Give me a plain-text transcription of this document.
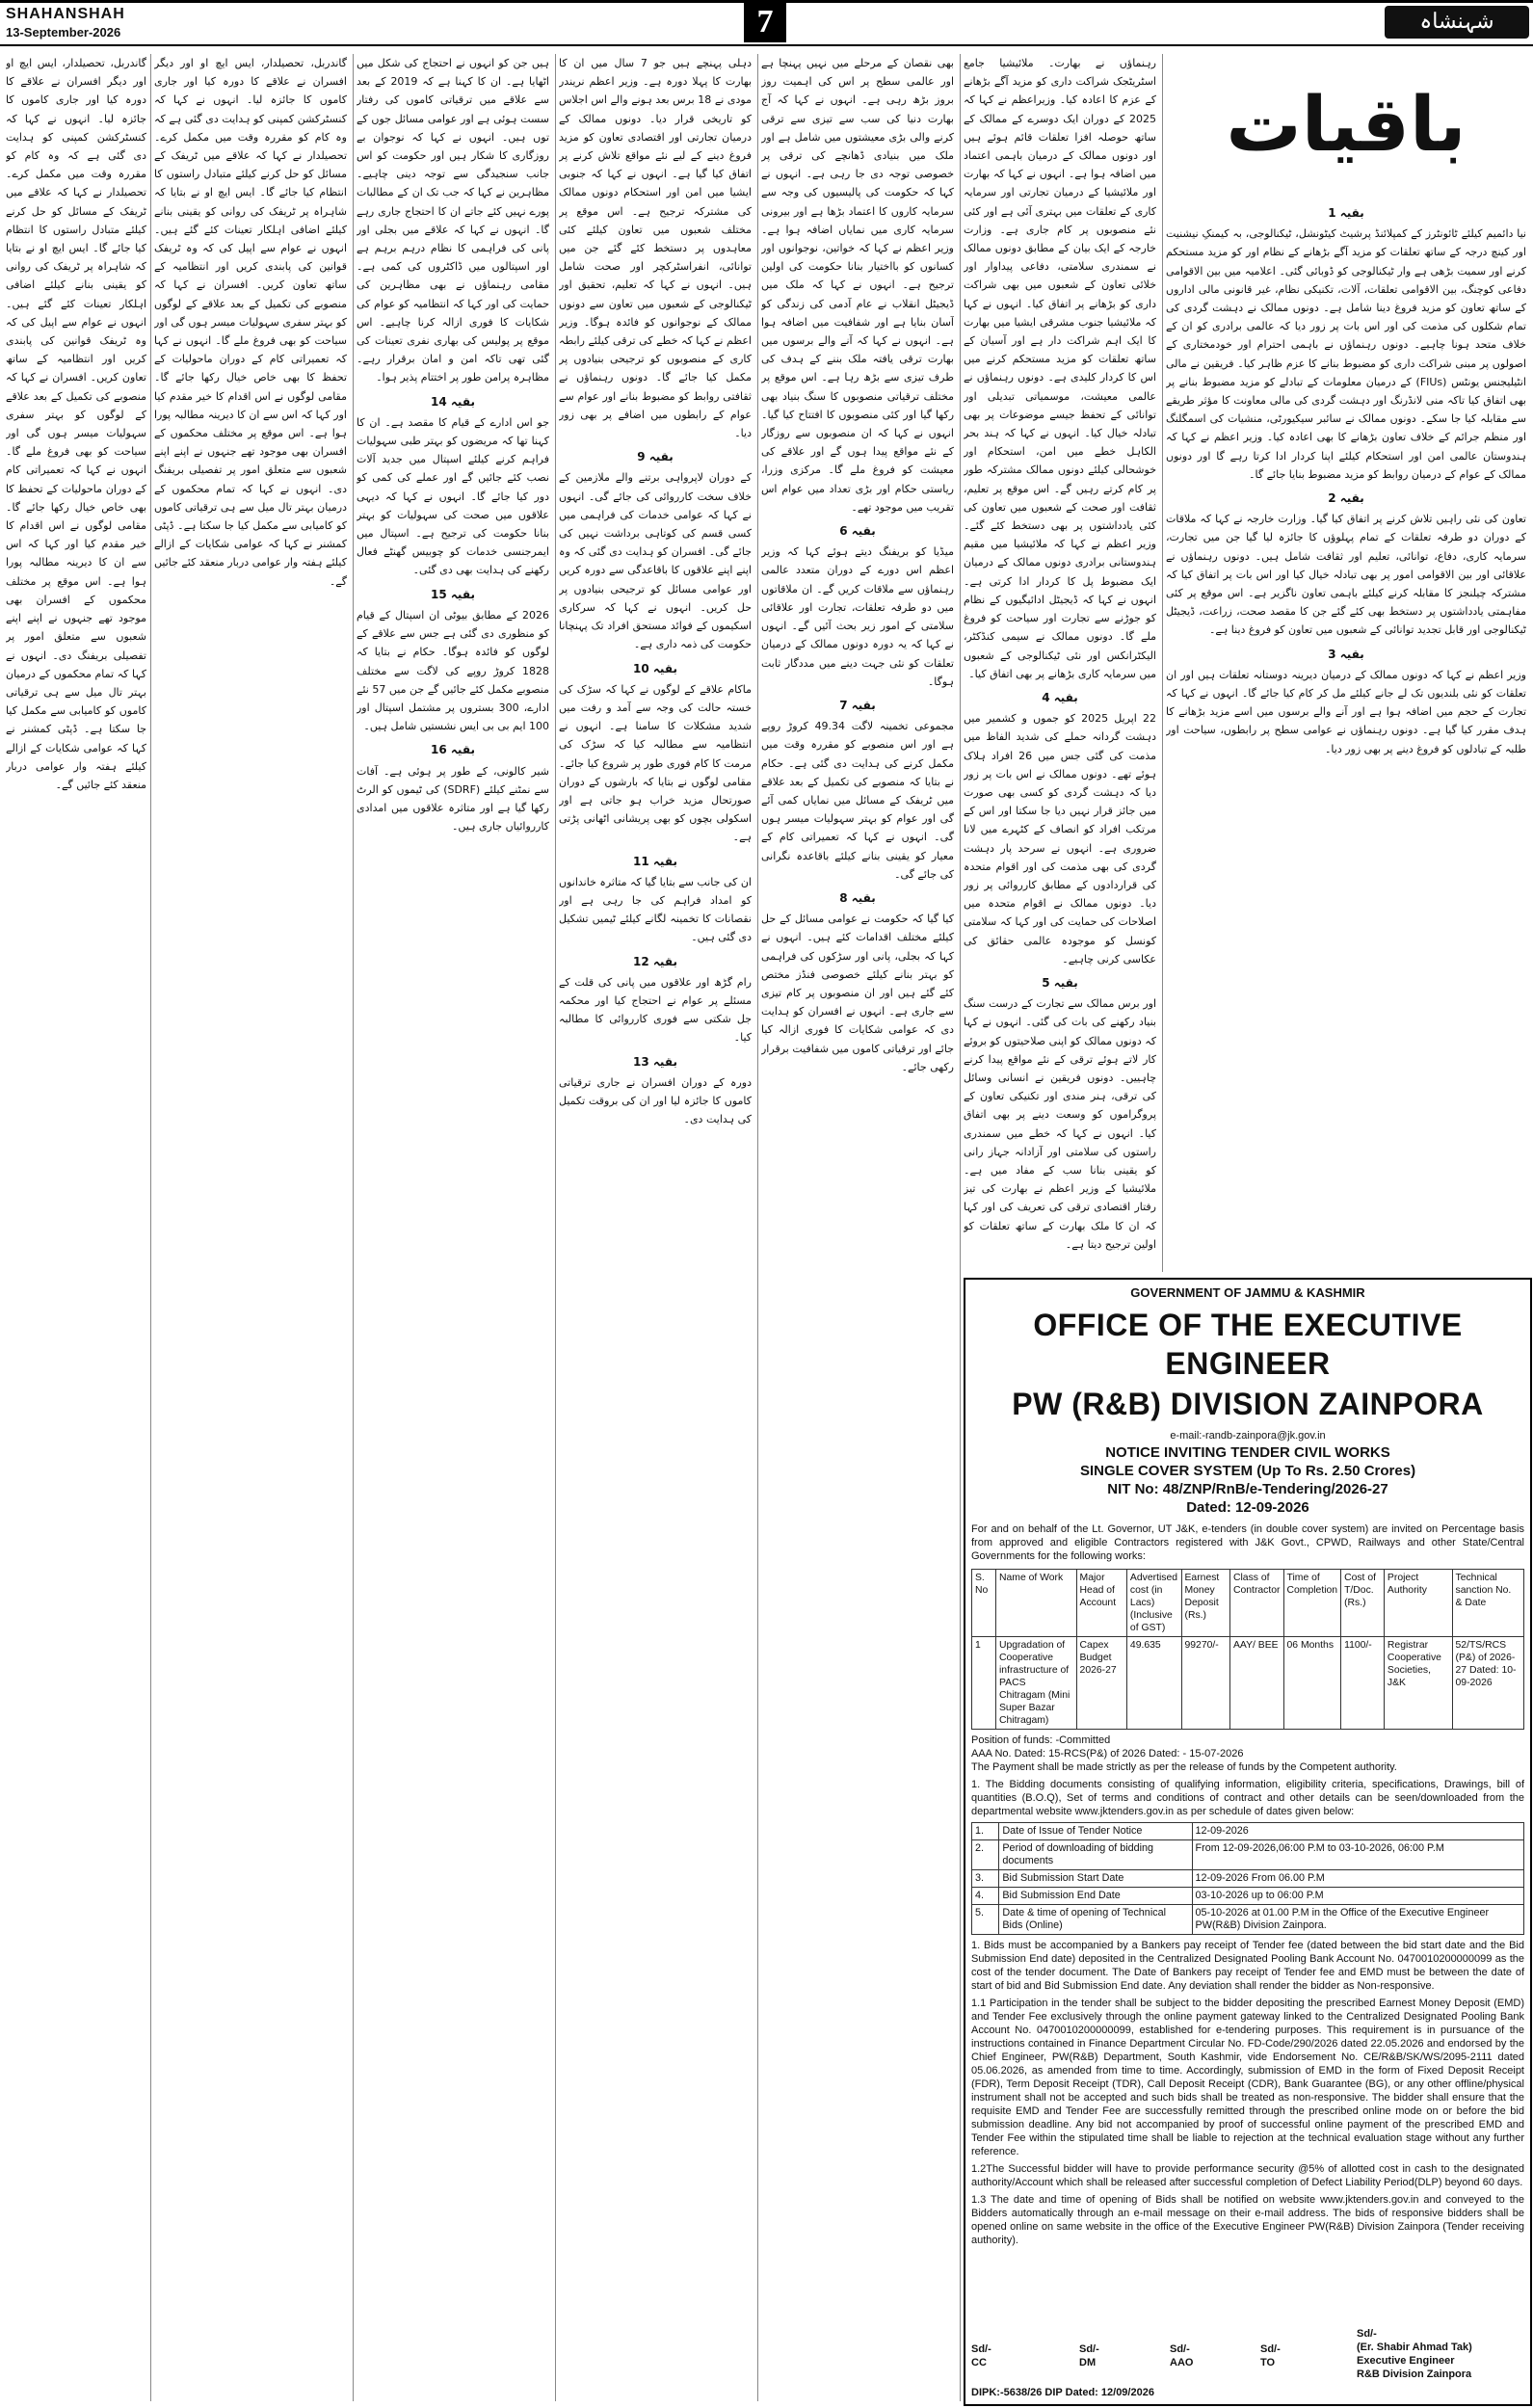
SHAHANSHAH
13-September-2026	7	شہنشاہ
باقیات
بقیہ 1

نیا دائمیم کیلئے ٹائونٹرز کے کمپلائنڈ پرشیٹ کیٹونشل، ٹیکنالوجی، بہ کیمنکِ نیشنیت اور کینچ درجہ کے ساتھ تعلقات کو مزید آگے بڑھانے کے نظام اور کو مزید مستحکم کرنے اور سمیت بڑھی ہے وار ٹیکنالوجی کو ڈوبائی گئی۔ اعلامیہ میں بین الاقوامی دفاعی کوچنگ، بین الاقوامی تعلقات، آلات، تکنیکی نظام، غیر قانونی مالی اداروں کے ساتھ تعاون کو مزید فروغ دینا شامل ہے۔ دونوں ممالک نے دہشت گردی کی تمام شکلوں کی مذمت کی اور اس بات پر زور دیا کہ عالمی برادری کو ان کے خلاف متحد ہونا چاہیے۔ دونوں رہنماؤں نے باہمی احترام اور خودمختاری کے اصولوں پر مبنی شراکت داری کو مضبوط بنانے کا عزم ظاہر کیا۔ فریقین نے مالی انٹیلیجنس یونٹس (FIUs) کے درمیان معلومات کے تبادلے کو مزید مضبوط بنانے پر بھی اتفاق کیا تاکہ منی لانڈرنگ اور دہشت گردی کی مالی معاونت کا مؤثر طریقے سے مقابلہ کیا جا سکے۔ دونوں ممالک نے سائبر سیکیورٹی، منشیات کی اسمگلنگ اور منظم جرائم کے خلاف تعاون بڑھانے کا بھی اعادہ کیا۔ وزیر اعظم نے کہا کہ ہندوستان عالمی امن اور استحکام کیلئے اپنا کردار ادا کرتا رہے گا اور دونوں ممالک کے عوام کے درمیان روابط کو مزید مضبوط بنایا جائے گا۔

بقیہ 2

تعاون کی نئی راہیں تلاش کرنے پر اتفاق کیا گیا۔ وزارت خارجہ نے کہا کہ ملاقات کے دوران دو طرفہ تعلقات کے تمام پہلوؤں کا جائزہ لیا گیا جن میں تجارت، سرمایہ کاری، دفاع، توانائی، تعلیم اور ثقافت شامل ہیں۔ دونوں رہنماؤں نے علاقائی اور بین الاقوامی امور پر بھی تبادلہ خیال کیا اور اس بات پر اتفاق کیا کہ مشترکہ چیلنجز کا مقابلہ کرنے کیلئے باہمی تعاون ناگزیر ہے۔ اس موقع پر کئی مفاہمتی یادداشتوں پر دستخط بھی کئے گئے جن کا مقصد صحت، زراعت، ڈیجیٹل ٹیکنالوجی اور قابل تجدید توانائی کے شعبوں میں تعاون کو فروغ دینا ہے۔

بقیہ 3

وزیر اعظم نے کہا کہ دونوں ممالک کے درمیان دیرینہ دوستانہ تعلقات ہیں اور ان تعلقات کو نئی بلندیوں تک لے جانے کیلئے مل کر کام کیا جائے گا۔ انہوں نے کہا کہ تجارت کے حجم میں اضافہ ہوا ہے اور آنے والے برسوں میں اسے مزید بڑھانے کا ہدف مقرر کیا گیا ہے۔ دونوں رہنماؤں نے عوامی سطح پر رابطوں، سیاحت اور طلبہ کے تبادلوں کو فروغ دینے پر بھی زور دیا۔

رہنماؤں نے بھارت۔ ملائیشیا جامع اسٹریٹجک شراکت داری کو مزید آگے بڑھانے کے عزم کا اعادہ کیا۔ وزیراعظم نے کہا کہ 2025 کے دوران ایک دوسرے کے ممالک کے ساتھ حوصلہ افزا تعلقات قائم ہوئے ہیں اور دونوں ممالک کے درمیان باہمی اعتماد میں اضافہ ہوا ہے۔ انہوں نے کہا کہ بھارت اور ملائیشیا کے درمیان تجارتی اور سرمایہ کاری کے تعلقات میں بہتری آئی ہے اور کئی نئے منصوبوں پر کام جاری ہے۔ وزارت خارجہ کے ایک بیان کے مطابق دونوں ممالک نے سمندری سلامتی، دفاعی پیداوار اور خلائی تعاون کے شعبوں میں بھی شراکت داری کو بڑھانے پر اتفاق کیا۔ انہوں نے کہا کہ ملائیشیا جنوب مشرقی ایشیا میں بھارت کا ایک اہم شراکت دار ہے اور آسیان کے ساتھ تعلقات کو مزید مستحکم کرنے میں اس کا کردار کلیدی ہے۔ دونوں رہنماؤں نے عالمی معیشت، موسمیاتی تبدیلی اور توانائی کے تحفظ جیسے موضوعات پر بھی تبادلہ خیال کیا۔ انہوں نے کہا کہ ہند بحر الکاہل خطے میں امن، استحکام اور خوشحالی کیلئے دونوں ممالک مشترکہ طور پر کام کرتے رہیں گے۔ اس موقع پر تعلیم، ثقافت اور صحت کے شعبوں میں تعاون کی کئی یادداشتوں پر بھی دستخط کئے گئے۔ وزیر اعظم نے کہا کہ ملائیشیا میں مقیم ہندوستانی برادری دونوں ممالک کے درمیان ایک مضبوط پل کا کردار ادا کرتی ہے۔ انہوں نے کہا کہ ڈیجیٹل ادائیگیوں کے نظام کو جوڑنے سے تجارت اور سیاحت کو فروغ ملے گا۔ دونوں ممالک نے سیمی کنڈکٹر، الیکٹرانکس اور نئی ٹیکنالوجی کے شعبوں میں سرمایہ کاری بڑھانے پر بھی اتفاق کیا۔

بقیہ 4

22 اپریل 2025 کو جموں و کشمیر میں دہشت گردانہ حملے کی شدید الفاظ میں مذمت کی گئی جس میں 26 افراد ہلاک ہوئے تھے۔ دونوں ممالک نے اس بات پر زور دیا کہ دہشت گردی کو کسی بھی صورت میں جائز قرار نہیں دیا جا سکتا اور اس کے مرتکب افراد کو انصاف کے کٹہرے میں لانا ضروری ہے۔ انہوں نے سرحد پار دہشت گردی کی بھی مذمت کی اور اقوام متحدہ کی قراردادوں کے مطابق کارروائی پر زور دیا۔ دونوں ممالک نے اقوام متحدہ میں اصلاحات کی حمایت کی اور کہا کہ سلامتی کونسل کو موجودہ عالمی حقائق کی عکاسی کرنی چاہیے۔

بقیہ 5

اور برس ممالک سے تجارت کے درست سنگ بنیاد رکھنے کی بات کی گئی۔ انہوں نے کہا کہ دونوں ممالک کو اپنی صلاحیتوں کو بروئے کار لاتے ہوئے ترقی کے نئے مواقع پیدا کرنے چاہییں۔ دونوں فریقین نے انسانی وسائل کی ترقی، ہنر مندی اور تکنیکی تعاون کے پروگراموں کو وسعت دینے پر بھی اتفاق کیا۔ انہوں نے کہا کہ خطے میں سمندری راستوں کی سلامتی اور آزادانہ جہاز رانی کو یقینی بنانا سب کے مفاد میں ہے۔ ملائیشیا کے وزیر اعظم نے بھارت کی تیز رفتار اقتصادی ترقی کی تعریف کی اور کہا کہ ان کا ملک بھارت کے ساتھ تعلقات کو اولین ترجیح دیتا ہے۔

بھی نقصان کے مرحلے میں نہیں پہنچا ہے اور عالمی سطح پر اس کی اہمیت روز بروز بڑھ رہی ہے۔ انہوں نے کہا کہ آج بھارت دنیا کی سب سے تیزی سے ترقی کرنے والی بڑی معیشتوں میں شامل ہے اور ملک میں بنیادی ڈھانچے کی ترقی پر خصوصی توجہ دی جا رہی ہے۔ انہوں نے کہا کہ حکومت کی پالیسیوں کی وجہ سے سرمایہ کاروں کا اعتماد بڑھا ہے اور بیرونی سرمایہ کاری میں نمایاں اضافہ ہوا ہے۔ وزیر اعظم نے کہا کہ خواتین، نوجوانوں اور کسانوں کو بااختیار بنانا حکومت کی اولین ترجیح ہے۔ انہوں نے کہا کہ ملک میں ڈیجیٹل انقلاب نے عام آدمی کی زندگی کو آسان بنایا ہے اور شفافیت میں اضافہ ہوا ہے۔ انہوں نے کہا کہ آنے والے برسوں میں بھارت ترقی یافتہ ملک بننے کے ہدف کی طرف تیزی سے بڑھ رہا ہے۔ اس موقع پر مختلف ترقیاتی منصوبوں کا سنگ بنیاد بھی رکھا گیا اور کئی منصوبوں کا افتتاح کیا گیا۔ انہوں نے کہا کہ ان منصوبوں سے روزگار کے نئے مواقع پیدا ہوں گے اور علاقے کی معیشت کو فروغ ملے گا۔ مرکزی وزرا، ریاستی حکام اور بڑی تعداد میں عوام اس تقریب میں موجود تھے۔

بقیہ 6

میڈیا کو بریفنگ دیتے ہوئے کہا کہ وزیر اعظم اس دورے کے دوران متعدد عالمی رہنماؤں سے ملاقات کریں گے۔ ان ملاقاتوں میں دو طرفہ تعلقات، تجارت اور علاقائی سلامتی کے امور زیر بحث آئیں گے۔ انہوں نے کہا کہ یہ دورہ دونوں ممالک کے درمیان تعلقات کو نئی جہت دینے میں مددگار ثابت ہوگا۔

بقیہ 7

مجموعی تخمینہ لاگت 49.34 کروڑ روپے ہے اور اس منصوبے کو مقررہ وقت میں مکمل کرنے کی ہدایت دی گئی ہے۔ حکام نے بتایا کہ منصوبے کی تکمیل کے بعد علاقے میں ٹریفک کے مسائل میں نمایاں کمی آئے گی اور عوام کو بہتر سہولیات میسر ہوں گی۔ انہوں نے کہا کہ تعمیراتی کام کے معیار کو یقینی بنانے کیلئے باقاعدہ نگرانی کی جائے گی۔

بقیہ 8

کیا گیا کہ حکومت نے عوامی مسائل کے حل کیلئے مختلف اقدامات کئے ہیں۔ انہوں نے کہا کہ بجلی، پانی اور سڑکوں کی فراہمی کو بہتر بنانے کیلئے خصوصی فنڈز مختص کئے گئے ہیں اور ان منصوبوں پر کام تیزی سے جاری ہے۔ انہوں نے افسران کو ہدایت دی کہ عوامی شکایات کا فوری ازالہ کیا جائے اور ترقیاتی کاموں میں شفافیت برقرار رکھی جائے۔

دہلی پہنچے ہیں جو 7 سال میں ان کا بھارت کا پہلا دورہ ہے۔ وزیر اعظم نریندر مودی نے 18 برس بعد ہونے والے اس اجلاس کو تاریخی قرار دیا۔ دونوں ممالک کے درمیان تجارتی اور اقتصادی تعاون کو مزید فروغ دینے کے لیے نئے مواقع تلاش کرنے پر اتفاق کیا گیا ہے۔ انہوں نے کہا کہ جنوبی ایشیا میں امن اور استحکام دونوں ممالک کی مشترکہ ترجیح ہے۔ اس موقع پر مختلف شعبوں میں تعاون کیلئے کئی معاہدوں پر دستخط کئے گئے جن میں توانائی، انفراسٹرکچر اور صحت شامل ہیں۔ انہوں نے کہا کہ تعلیم، تحقیق اور ٹیکنالوجی کے شعبوں میں تعاون سے دونوں ممالک کے نوجوانوں کو فائدہ ہوگا۔ وزیر اعظم نے کہا کہ خطے کی ترقی کیلئے رابطہ کاری کے منصوبوں کو ترجیحی بنیادوں پر مکمل کیا جائے گا۔ دونوں رہنماؤں نے ثقافتی روابط کو مضبوط بنانے اور عوام سے عوام کے رابطوں میں اضافے پر بھی زور دیا۔

بقیہ 9

کے دوران لاپرواہی برتنے والے ملازمین کے خلاف سخت کارروائی کی جائے گی۔ انہوں نے کہا کہ عوامی خدمات کی فراہمی میں کسی قسم کی کوتاہی برداشت نہیں کی جائے گی۔ افسران کو ہدایت دی گئی کہ وہ اپنے اپنے علاقوں کا باقاعدگی سے دورہ کریں اور عوامی مسائل کو ترجیحی بنیادوں پر حل کریں۔ انہوں نے کہا کہ سرکاری اسکیموں کے فوائد مستحق افراد تک پہنچانا حکومت کی ذمہ داری ہے۔

بقیہ 10

ماکام علاقے کے لوگوں نے کہا کہ سڑک کی خستہ حالت کی وجہ سے آمد و رفت میں شدید مشکلات کا سامنا ہے۔ انہوں نے انتظامیہ سے مطالبہ کیا کہ سڑک کی مرمت کا کام فوری طور پر شروع کیا جائے۔ مقامی لوگوں نے بتایا کہ بارشوں کے دوران صورتحال مزید خراب ہو جاتی ہے اور اسکولی بچوں کو بھی پریشانی اٹھانی پڑتی ہے۔

بقیہ 11

ان کی جانب سے بتایا گیا کہ متاثرہ خاندانوں کو امداد فراہم کی جا رہی ہے اور نقصانات کا تخمینہ لگانے کیلئے ٹیمیں تشکیل دی گئی ہیں۔

بقیہ 12

رام گڑھ اور علاقوں میں پانی کی قلت کے مسئلے پر عوام نے احتجاج کیا اور محکمہ جل شکتی سے فوری کارروائی کا مطالبہ کیا۔

بقیہ 13

دورہ کے دوران افسران نے جاری ترقیاتی کاموں کا جائزہ لیا اور ان کی بروقت تکمیل کی ہدایت دی۔

ہیں جن کو انہوں نے احتجاج کی شکل میں اٹھایا ہے۔ ان کا کہنا ہے کہ 2019 کے بعد سے علاقے میں ترقیاتی کاموں کی رفتار سست ہوئی ہے اور عوامی مسائل جوں کے توں ہیں۔ انہوں نے کہا کہ نوجوان بے روزگاری کا شکار ہیں اور حکومت کو اس جانب سنجیدگی سے توجہ دینی چاہیے۔ مظاہرین نے کہا کہ جب تک ان کے مطالبات پورے نہیں کئے جاتے ان کا احتجاج جاری رہے گا۔ انہوں نے کہا کہ علاقے میں بجلی اور پانی کی فراہمی کا نظام درہم برہم ہے اور اسپتالوں میں ڈاکٹروں کی کمی ہے۔ مقامی رہنماؤں نے بھی مظاہرین کی حمایت کی اور کہا کہ انتظامیہ کو عوام کی شکایات کا فوری ازالہ کرنا چاہیے۔ اس موقع پر پولیس کی بھاری نفری تعینات کی گئی تھی تاکہ امن و امان برقرار رہے۔ مظاہرہ پرامن طور پر اختتام پذیر ہوا۔

بقیہ 14

جو اس ادارے کے قیام کا مقصد ہے۔ ان کا کہنا تھا کہ مریضوں کو بہتر طبی سہولیات فراہم کرنے کیلئے اسپتال میں جدید آلات نصب کئے جائیں گے اور عملے کی کمی کو دور کیا جائے گا۔ انہوں نے کہا کہ دیہی علاقوں میں صحت کی سہولیات کو بہتر بنانا حکومت کی ترجیح ہے۔ اسپتال میں ایمرجنسی خدمات کو چوبیس گھنٹے فعال رکھنے کی ہدایت بھی دی گئی۔

بقیہ 15

2026 کے مطابق بیوٹی ان اسپتال کے قیام کو منظوری دی گئی ہے جس سے علاقے کے لوگوں کو فائدہ ہوگا۔ حکام نے بتایا کہ 1828 کروڑ روپے کی لاگت سے مختلف منصوبے مکمل کئے جائیں گے جن میں 57 نئے ادارے، 300 بستروں پر مشتمل اسپتال اور 100 ایم بی بی ایس نشستیں شامل ہیں۔

بقیہ 16

شیر کالونی، کے طور پر ہوئی ہے۔ آفات سے نمٹنے کیلئے (SDRF) کی ٹیموں کو الرٹ رکھا گیا ہے اور متاثرہ علاقوں میں امدادی کارروائیاں جاری ہیں۔

گاندربل، تحصیلدار، ایس ایچ او اور دیگر افسران نے علاقے کا دورہ کیا اور جاری کاموں کا جائزہ لیا۔ انہوں نے کہا کہ کنسٹرکشن کمپنی کو ہدایت دی گئی ہے کہ وہ کام کو مقررہ وقت میں مکمل کرے۔ تحصیلدار نے کہا کہ علاقے میں ٹریفک کے مسائل کو حل کرنے کیلئے متبادل راستوں کا انتظام کیا جائے گا۔ ایس ایچ او نے بتایا کہ شاہراہ پر ٹریفک کی روانی کو یقینی بنانے کیلئے اضافی اہلکار تعینات کئے گئے ہیں۔ انہوں نے عوام سے اپیل کی کہ وہ ٹریفک قوانین کی پابندی کریں اور انتظامیہ کے ساتھ تعاون کریں۔ افسران نے کہا کہ منصوبے کی تکمیل کے بعد علاقے کے لوگوں کو بہتر سفری سہولیات میسر ہوں گی اور سیاحت کو بھی فروغ ملے گا۔ انہوں نے کہا کہ تعمیراتی کام کے دوران ماحولیات کے تحفظ کا بھی خاص خیال رکھا جائے گا۔ مقامی لوگوں نے اس اقدام کا خیر مقدم کیا اور کہا کہ اس سے ان کا دیرینہ مطالبہ پورا ہوا ہے۔ اس موقع پر مختلف محکموں کے افسران بھی موجود تھے جنہوں نے اپنے اپنے شعبوں سے متعلق امور پر تفصیلی بریفنگ دی۔ انہوں نے کہا کہ تمام محکموں کے درمیان بہتر تال میل سے ہی ترقیاتی کاموں کو کامیابی سے مکمل کیا جا سکتا ہے۔ ڈپٹی کمشنر نے کہا کہ عوامی شکایات کے ازالے کیلئے ہفتہ وار عوامی دربار منعقد کئے جائیں گے۔

گاندربل، تحصیلدار، ایس ایچ او اور دیگر افسران نے علاقے کا دورہ کیا اور جاری کاموں کا جائزہ لیا۔ انہوں نے کہا کہ کنسٹرکشن کمپنی کو ہدایت دی گئی ہے کہ وہ کام کو مقررہ وقت میں مکمل کرے۔ تحصیلدار نے کہا کہ علاقے میں ٹریفک کے مسائل کو حل کرنے کیلئے متبادل راستوں کا انتظام کیا جائے گا۔ ایس ایچ او نے بتایا کہ شاہراہ پر ٹریفک کی روانی کو یقینی بنانے کیلئے اضافی اہلکار تعینات کئے گئے ہیں۔ انہوں نے عوام سے اپیل کی کہ وہ ٹریفک قوانین کی پابندی کریں اور انتظامیہ کے ساتھ تعاون کریں۔ افسران نے کہا کہ منصوبے کی تکمیل کے بعد علاقے کے لوگوں کو بہتر سفری سہولیات میسر ہوں گی اور سیاحت کو بھی فروغ ملے گا۔ انہوں نے کہا کہ تعمیراتی کام کے دوران ماحولیات کے تحفظ کا بھی خاص خیال رکھا جائے گا۔ مقامی لوگوں نے اس اقدام کا خیر مقدم کیا اور کہا کہ اس سے ان کا دیرینہ مطالبہ پورا ہوا ہے۔ اس موقع پر مختلف محکموں کے افسران بھی موجود تھے جنہوں نے اپنے اپنے شعبوں سے متعلق امور پر تفصیلی بریفنگ دی۔ انہوں نے کہا کہ تمام محکموں کے درمیان بہتر تال میل سے ہی ترقیاتی کاموں کو کامیابی سے مکمل کیا جا سکتا ہے۔ ڈپٹی کمشنر نے کہا کہ عوامی شکایات کے ازالے کیلئے ہفتہ وار عوامی دربار منعقد کئے جائیں گے۔

GOVERNMENT OF JAMMU & KASHMIR
OFFICE OF THE EXECUTIVE ENGINEER
PW (R&B) DIVISION ZAINPORA
e-mail:-randb-zainpora@jk.gov.in
NOTICE INVITING TENDER CIVIL WORKS
SINGLE COVER SYSTEM (Up To Rs. 2.50 Crores)
NIT No: 48/ZNP/RnB/e-Tendering/2026-27
Dated: 12-09-2026
For and on behalf of the Lt. Governor, UT J&K, e-tenders (in double cover system) are invited on Percentage basis from approved and eligible Contractors registered with J&K Govt., CPWD, Railways and other State/Central Governments for the following works:
S. No	Name of Work	Major Head of Account	Advertised cost (in Lacs) (Inclusive of GST)	Earnest Money Deposit (Rs.)	Class of Contractor	Time of Completion	Cost of T/Doc. (Rs.)	Project Authority	Technical sanction No. & Date
1	Upgradation of Cooperative infrastructure of PACS Chitragam (Mini Super Bazar Chitragam)	Capex Budget 2026-27	49.635	99270/-	AAY/ BEE	06 Months	1100/-	Registrar Cooperative Societies, J&K	52/TS/RCS (P&) of 2026-27 Dated: 10-09-2026
Position of funds: -Committed
AAA No. Dated: 15-RCS(P&) of 2026 Dated: - 15-07-2026
The Payment shall be made strictly as per the release of funds by the Competent authority.
1. The Bidding documents consisting of qualifying information, eligibility criteria, specifications, Drawings, bill of quantities (B.O.Q), Set of terms and conditions of contract and other details can be seen/downloaded from the departmental website www.jktenders.gov.in as per schedule of dates given below:
1.	Date of Issue of Tender Notice	12-09-2026
2.	Period of downloading of bidding documents	From 12-09-2026,06:00 P.M to 03-10-2026, 06:00 P.M
3.	Bid Submission Start Date	12-09-2026 From 06.00 P.M
4.	Bid Submission End Date	03-10-2026 up to 06:00 P.M
5.	Date & time of opening of Technical Bids (Online)	05-10-2026 at 01.00 P.M in the Office of the Executive Engineer PW(R&B) Division Zainpora.
1. Bids must be accompanied by a Bankers pay receipt of Tender fee (dated between the bid start date and the Bid Submission End date) deposited in the Centralized Designated Pooling Bank Account No. 0470010200000099 as the cost of the tender document. The Date of Bankers pay receipt of Tender fee and EMD must be between the date of start of bid and Bid Submission End date. Any deviation shall render the bidder as Non-responsive.
1.1 Participation in the tender shall be subject to the bidder depositing the prescribed Earnest Money Deposit (EMD) and Tender Fee exclusively through the online payment gateway linked to the Centralized Designated Pooling Bank Account No. 0470010200000099, established for e-tendering purposes. This requirement is in pursuance of the instructions contained in Finance Department Circular No. FD-Code/290/2026 dated 22.05.2026 and endorsed by the Chief Engineer, PW(R&B) Department, South Kashmir, vide Endorsement No. CE/R&B/SK/WS/2095-2111 dated 05.06.2026, as amended from time to time. Accordingly, submission of EMD in the form of Fixed Deposit Receipt (FDR), Term Deposit Receipt (TDR), Call Deposit Receipt (CDR), Bank Guarantee (BG), or any other offline/physical instrument shall not be accepted and such bids shall be treated as non-responsive. The bidder shall ensure that the requisite EMD and Tender Fee are successfully remitted through the prescribed online mode on or before the bid submission deadline. Any bid not accompanied by proof of successful online payment of the prescribed EMD and Tender Fee within the stipulated time shall be liable to rejection at the technical evaluation stage without any further reference.
1.2The Successful bidder will have to provide performance security @5% of allotted cost in cash to the designated authority/Account which shall be released after successful completion of Defect Liability Period(DLP) beyond 60 days.
1.3 The date and time of opening of Bids shall be notified on website www.jktenders.gov.in and conveyed to the Bidders automatically through an e-mail message on their e-mail address. The bids of responsive bidders shall be opened online on same website in the office of the Executive Engineer PW(R&B) Division Zainpora (Tender receiving authority).
Sd/-
CC
Sd/-
DM
Sd/-
AAO
Sd/-
TO
Sd/-
(Er. Shabir Ahmad Tak)
Executive Engineer
R&B Division Zainpora
DIPK:-5638/26 DIP Dated: 12/09/2026
